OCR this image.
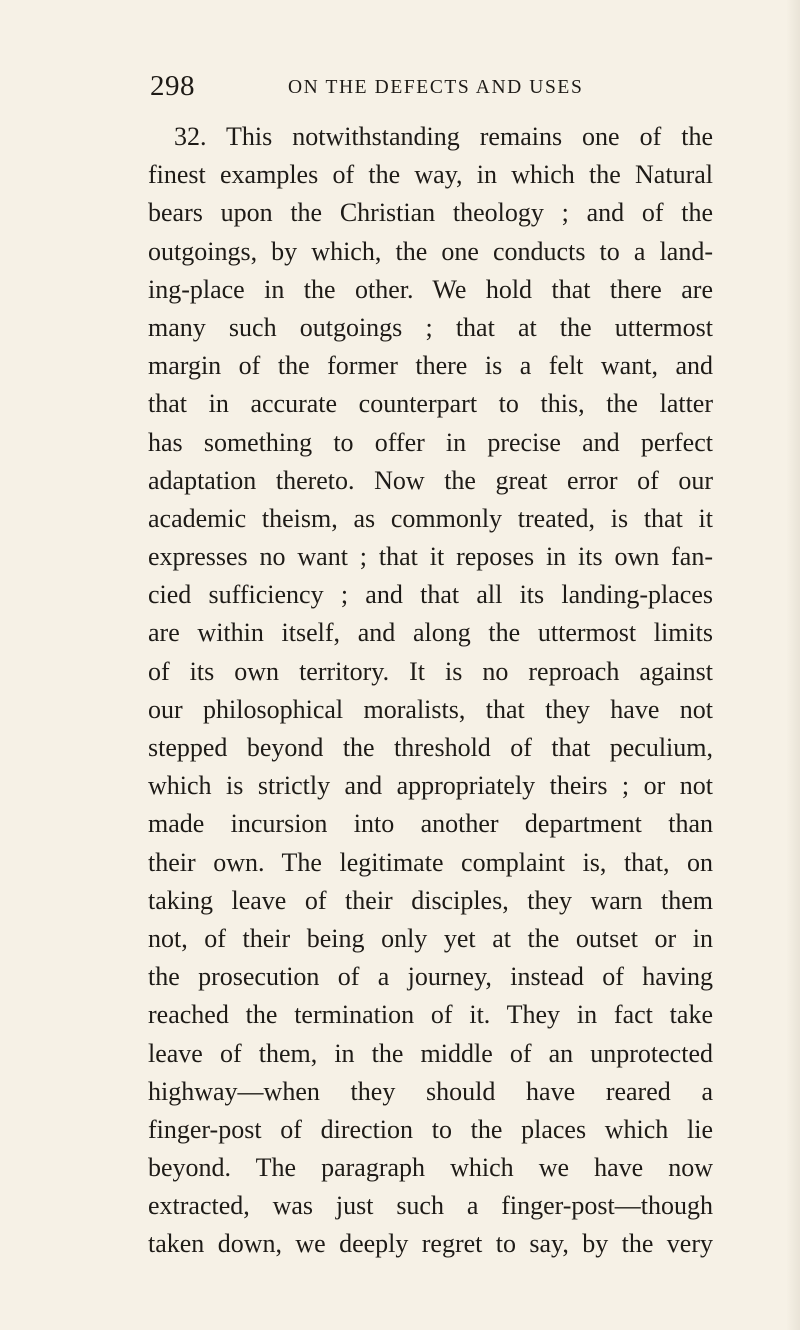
298	ON THE DEFECTS AND USES
32. This notwithstanding remains one of the
finest examples of the way, in which the Natural
bears upon the Christian theology ; and of the
outgoings, by which, the one conducts to a land-
ing-place in the other. We hold that there are
many such outgoings ; that at the uttermost
margin of the former there is a felt want, and
that in accurate counterpart to this, the latter
has something to offer in precise and perfect
adaptation thereto. Now the great error of our
academic theism, as commonly treated, is that it
expresses no want ; that it reposes in its own fan-
cied sufficiency ; and that all its landing-places
are within itself, and along the uttermost limits
of its own territory. It is no reproach against
our philosophical moralists, that they have not
stepped beyond the threshold of that peculium,
which is strictly and appropriately theirs ; or not
made incursion into another department than
their own. The legitimate complaint is, that, on
taking leave of their disciples, they warn them
not, of their being only yet at the outset or in
the prosecution of a journey, instead of having
reached the termination of it. They in fact take
leave of them, in the middle of an unprotected
highway—when they should have reared a
finger-post of direction to the places which lie
beyond. The paragraph which we have now
extracted, was just such a finger-post—though
taken down, we deeply regret to say, by the very
